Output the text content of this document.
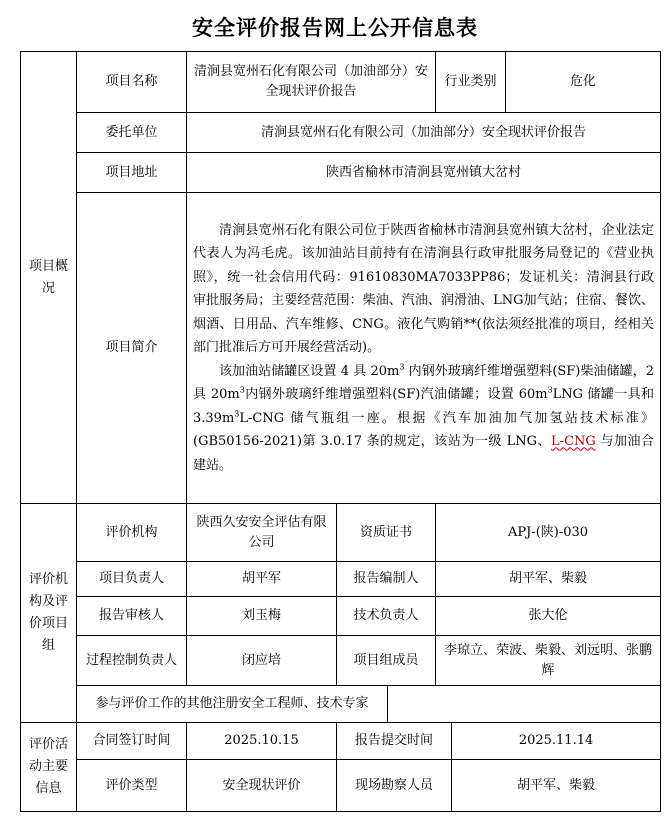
安全评价报告网上公开信息表
项目概况	项目名称	清涧县宽州石化有限公司（加油部分）安全现状评价报告			行业类别		危化
	委托单位	清涧县宽州石化有限公司（加油部分）安全现状评价报告					
	项目地址	陕西省榆林市清涧县宽州镇大岔村					
	项目简介	清涧县宽州石化有限公司位于陕西省榆林市清涧县宽州镇大岔村，企业法定代表人为冯毛虎。该加油站目前持有在清涧县行政审批服务局登记的《营业执照》，统一社会信用代码：91610830MA7033PP86；发证机关：清涧县行政审批服务局；主要经营范围：柴油、汽油、润滑油、LNG加气站；住宿、餐饮、烟酒、日用品、汽车维修、CNG。液化气购销**(依法须经批准的项目，经相关部门批准后方可开展经营活动)。

该加油站储罐区设置 4 具 $20m^3$ 内钢外玻璃纤维增强塑料(SF)柴油储罐，2 具 $20m^3$内钢外玻璃纤维增强塑料(SF)汽油储罐；设置 $60m^3LNG$ 储罐一具和 $3.39m^3L$-CNG 储气瓶组一座。根据《汽车加油加气加氢站技术标准》(GB50156-2021)第 3.0.17 条的规定，该站为一级 LNG、L-CNG 与加油合建站。					

评价机构及评价项目组	评价机构	陕西久安安全评估有限公司	资质证书		APJ-(陕)-030		
	项目负责人	胡平军	报告编制人		胡平军、柴毅		
	报告审核人	刘玉梅	技术负责人		张大伦		
	过程控制负责人	闭应培	项目组成员		李琼立、荣波、柴毅、刘远明、张鹏辉		
	参与评价工作的其他注册安全工程师、技术专家						
评价活动主要信息	合同签订时间	2025.10.15	报告提交时间			2025.11.14	
	评价类型	安全现状评价	现场勘察人员			胡平军、柴毅	
